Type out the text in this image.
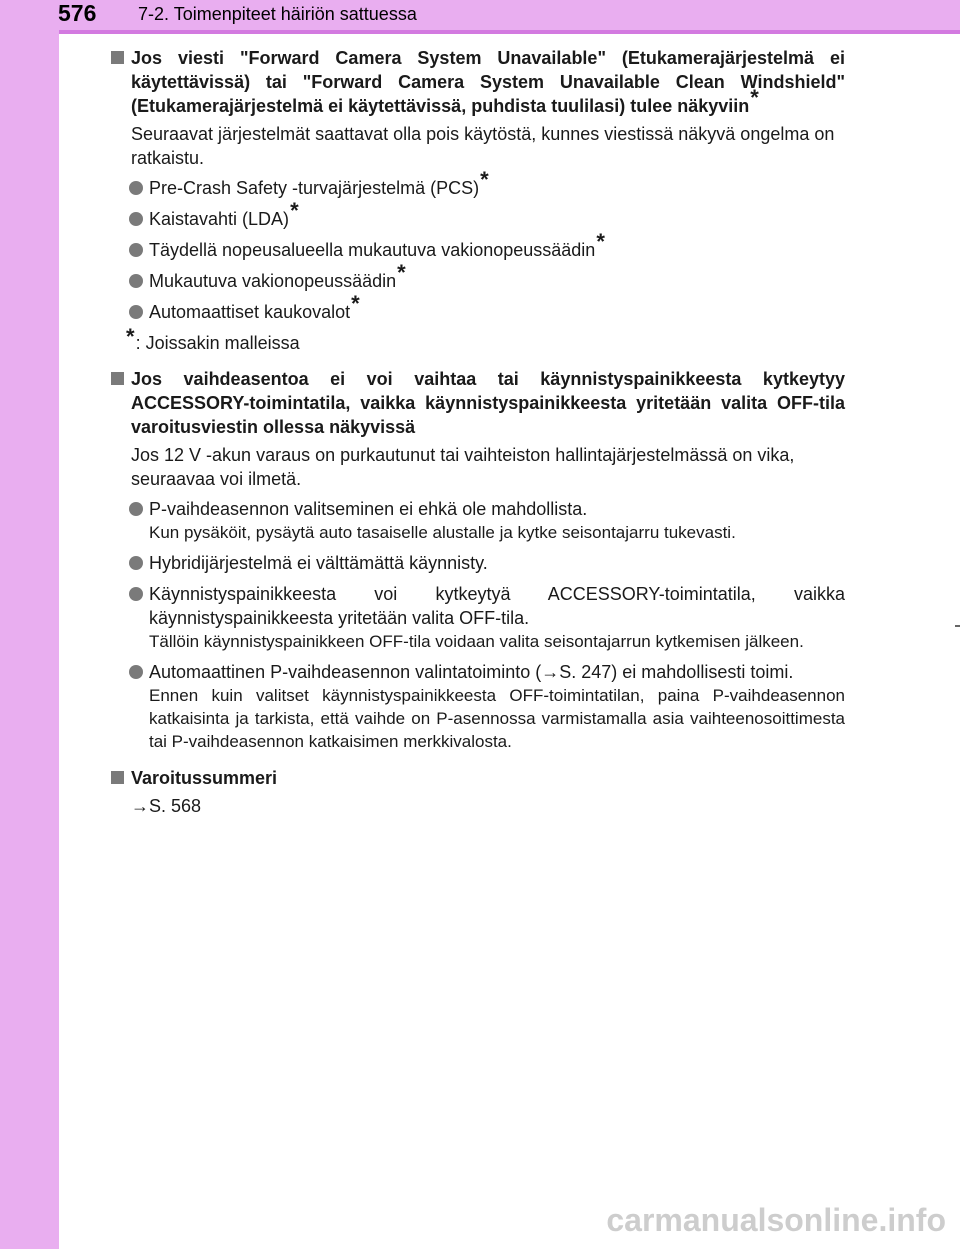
576 7-2. Toimenpiteet häiriön sattuessa
Jos viesti "Forward Camera System Unavailable" (Etukamerajärjestelmä ei käytettävissä) tai "Forward Camera System Unavailable Clean Windshield" (Etukamerajärjestelmä ei käytettävissä, puhdista tuulilasi) tulee näkyviin*
Seuraavat järjestelmät saattavat olla pois käytöstä, kunnes viestissä näkyvä ongelma on ratkaistu.
Pre-Crash Safety -turvajärjestelmä (PCS)*
Kaistavahti (LDA)*
Täydellä nopeusalueella mukautuva vakionopeussäädin*
Mukautuva vakionopeussäädin*
Automaattiset kaukovalot*
*: Joissakin malleissa
Jos vaihdeasentoa ei voi vaihtaa tai käynnistyspainikkeesta kytkeytyy ACCESSORY-toimintatila, vaikka käynnistyspainikkeesta yritetään valita OFF-tila varoitusviestin ollessa näkyvissä
Jos 12 V -akun varaus on purkautunut tai vaihteiston hallintajärjestelmässä on vika, seuraavaa voi ilmetä.
P-vaihdeasennon valitseminen ei ehkä ole mahdollista.
Kun pysäköit, pysäytä auto tasaiselle alustalle ja kytke seisontajarru tukevasti.
Hybridijärjestelmä ei välttämättä käynnisty.
Käynnistyspainikkeesta voi kytkeytyä ACCESSORY-toimintatila, vaikka käynnistyspainikkeesta yritetään valita OFF-tila.
Tällöin käynnistyspainikkeen OFF-tila voidaan valita seisontajarrun kytkemisen jälkeen.
Automaattinen P-vaihdeasennon valintatoiminto (→S. 247) ei mahdollisesti toimi.
Ennen kuin valitset käynnistyspainikkeesta OFF-toimintatilan, paina P-vaihdeasennon katkaisinta ja tarkista, että vaihde on P-asennossa varmistamalla asia vaihteenosoittimesta tai P-vaihdeasennon katkaisimen merkkivalosta.
Varoitussummeri
→S. 568
carmanualsonline.info
